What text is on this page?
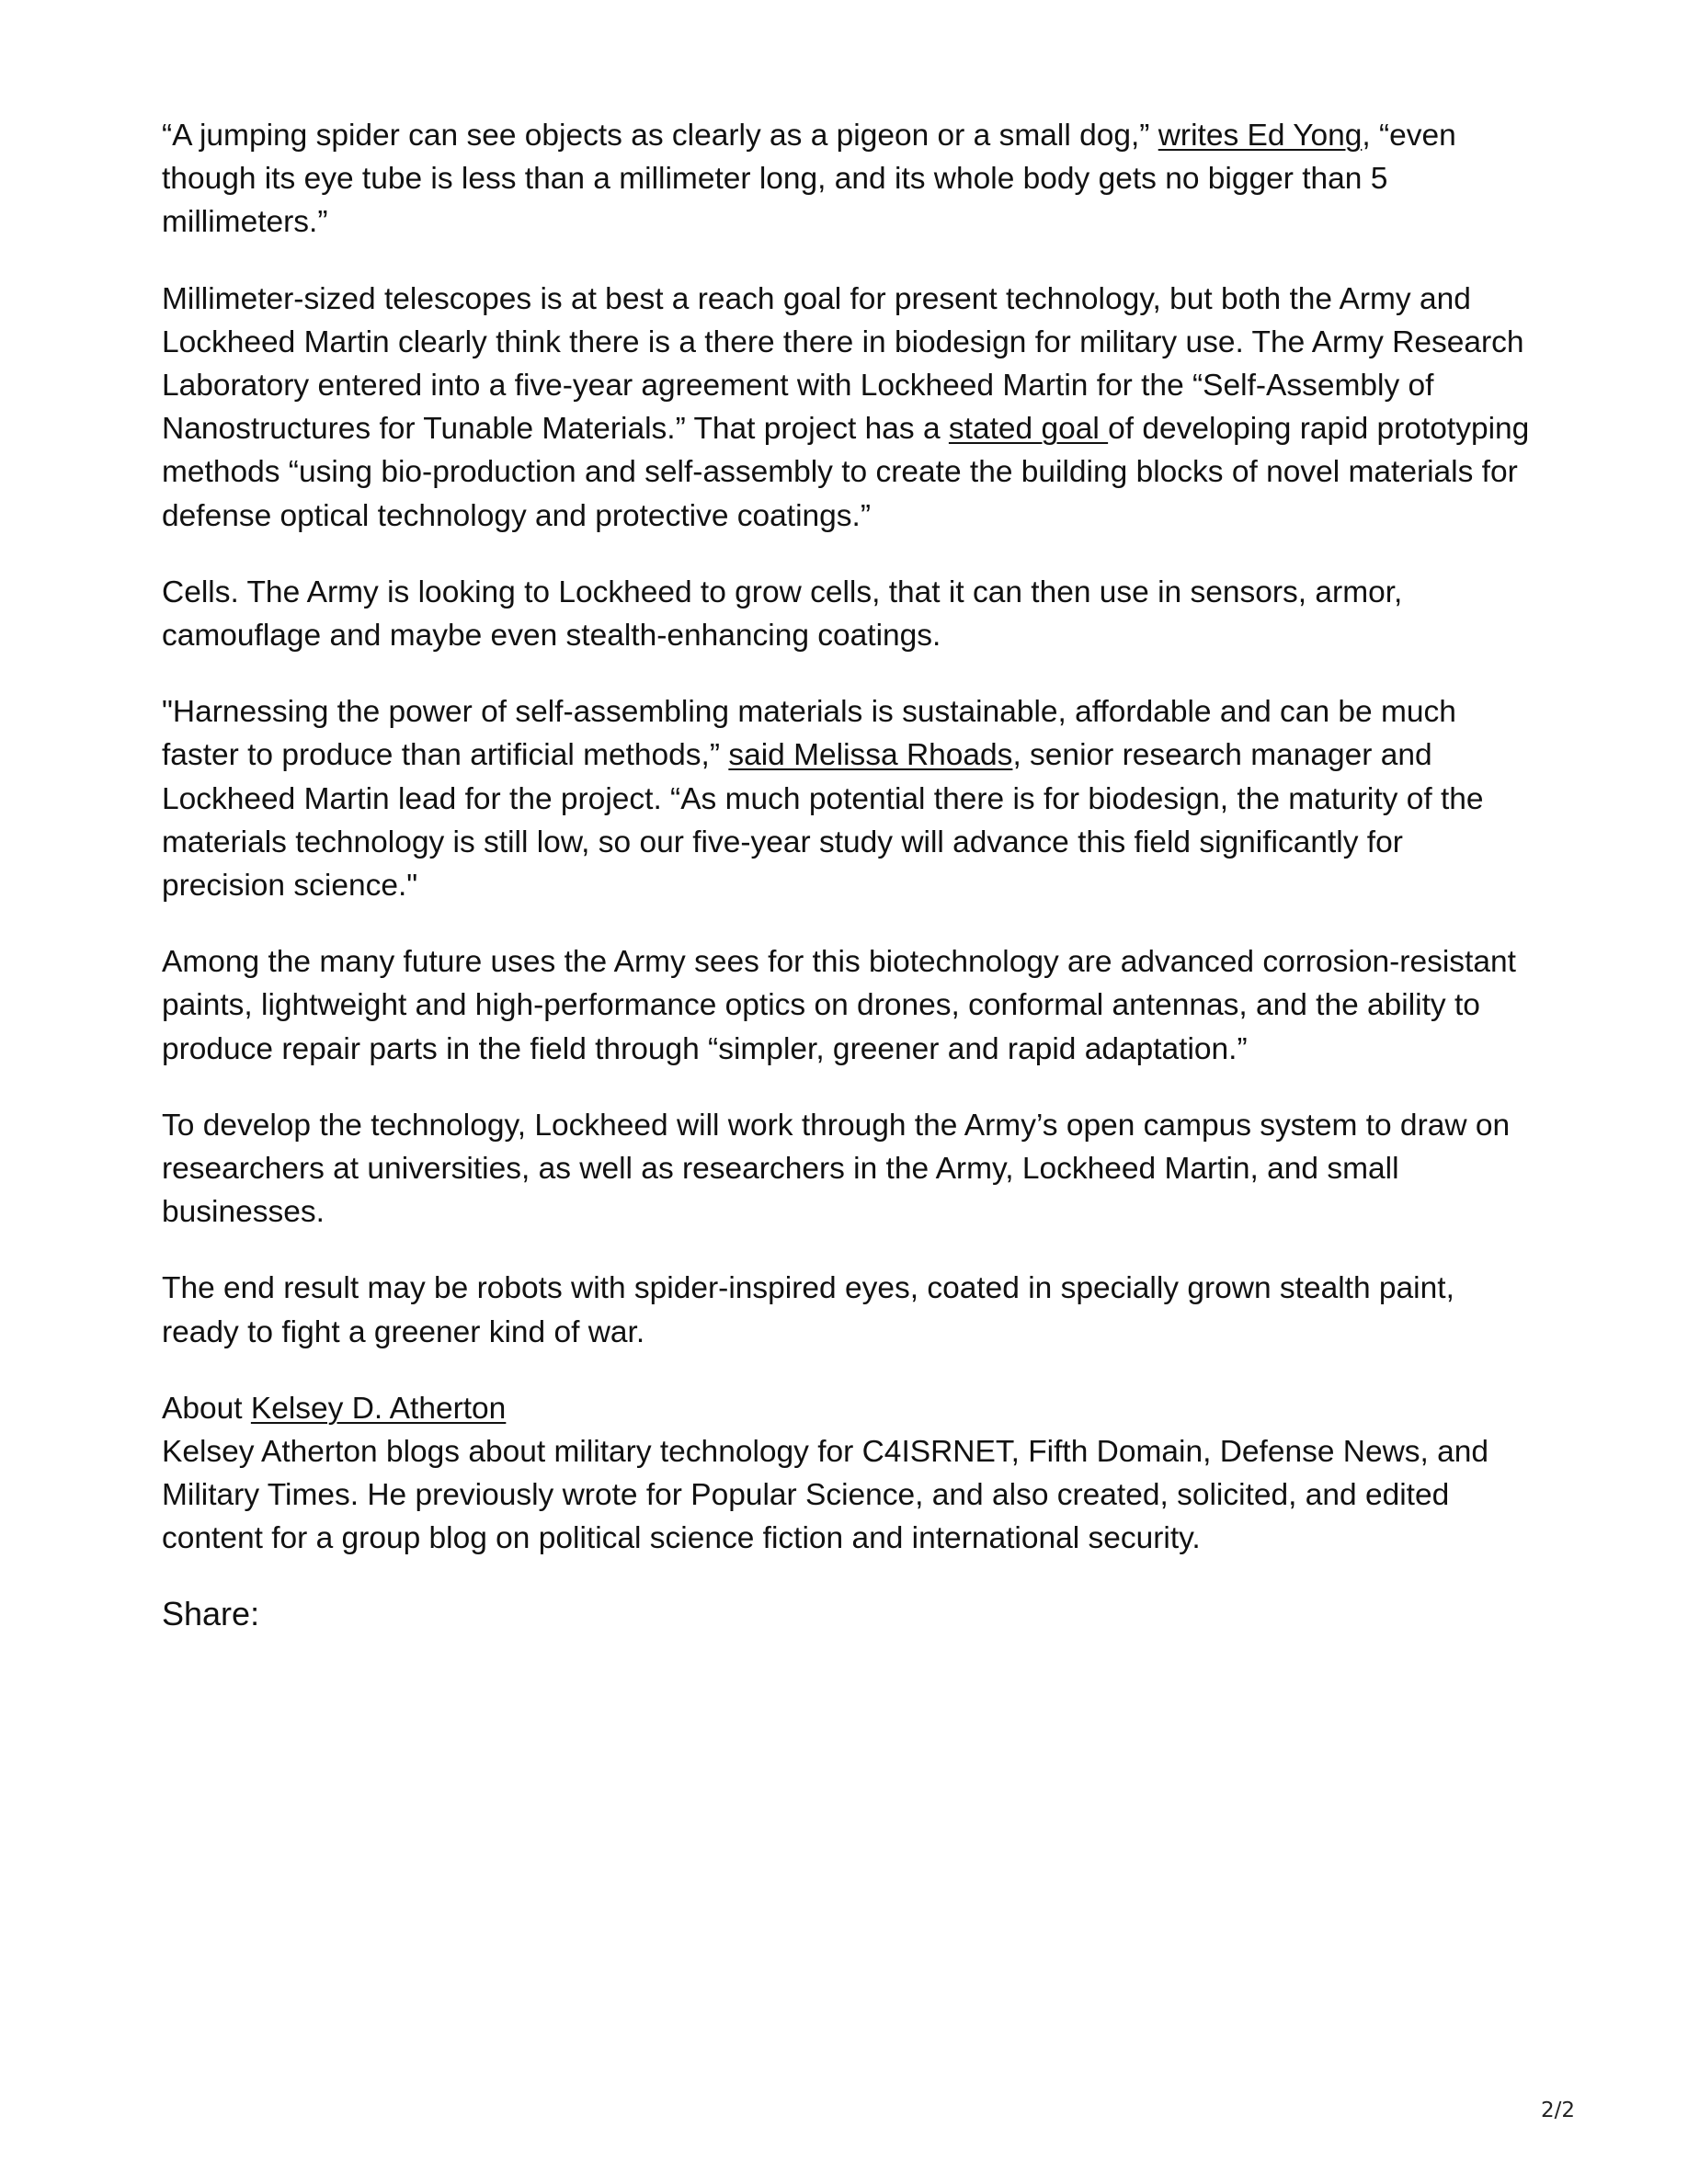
“A jumping spider can see objects as clearly as a pigeon or a small dog,” writes Ed Yong, “even though its eye tube is less than a millimeter long, and its whole body gets no bigger than 5 millimeters.”

Millimeter-sized telescopes is at best a reach goal for present technology, but both the Army and Lockheed Martin clearly think there is a there there in biodesign for military use. The Army Research Laboratory entered into a five-year agreement with Lockheed Martin for the “Self-Assembly of Nanostructures for Tunable Materials.” That project has a stated goal of developing rapid prototyping methods “using bio-production and self-assembly to create the building blocks of novel materials for defense optical technology and protective coatings.”

Cells. The Army is looking to Lockheed to grow cells, that it can then use in sensors, armor, camouflage and maybe even stealth-enhancing coatings.

"Harnessing the power of self-assembling materials is sustainable, affordable and can be much faster to produce than artificial methods,” said Melissa Rhoads, senior research manager and Lockheed Martin lead for the project. “As much potential there is for biodesign, the maturity of the materials technology is still low, so our five-year study will advance this field significantly for precision science."

Among the many future uses the Army sees for this biotechnology are advanced corrosion-resistant paints, lightweight and high-performance optics on drones, conformal antennas, and the ability to produce repair parts in the field through “simpler, greener and rapid adaptation.”

To develop the technology, Lockheed will work through the Army’s open campus system to draw on researchers at universities, as well as researchers in the Army, Lockheed Martin, and small businesses.

The end result may be robots with spider-inspired eyes, coated in specially grown stealth paint, ready to fight a greener kind of war.

About Kelsey D. Atherton
Kelsey Atherton blogs about military technology for C4ISRNET, Fifth Domain, Defense News, and Military Times. He previously wrote for Popular Science, and also created, solicited, and edited content for a group blog on political science fiction and international security.

Share:

2/2
